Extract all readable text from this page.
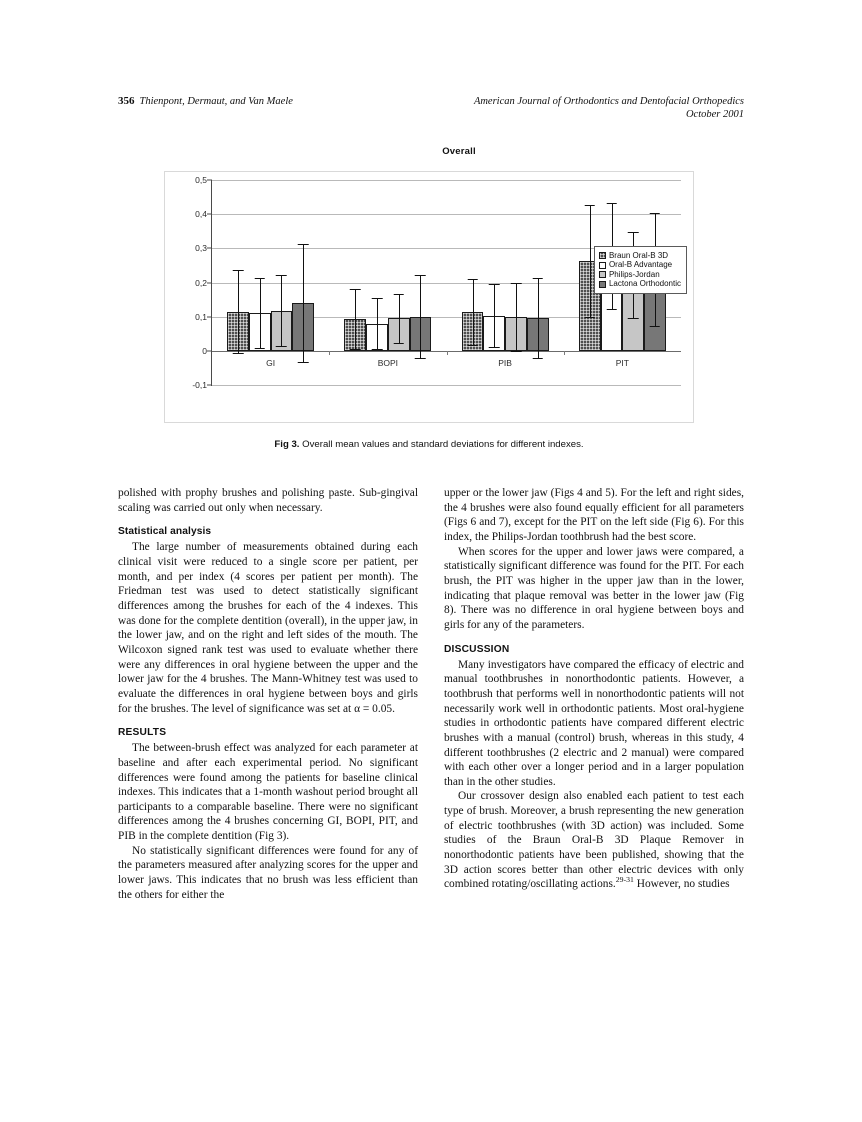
356 Thienpont, Dermaut, and Van Maele	American Journal of Orthodontics and Dentofacial Orthopedics
October 2001
Overall
0,5
0,4
0,3
0,2
0,1
0
-0,1
GI	BOPI	PIB	PIT
Braun Oral-B 3D
Oral-B Advantage
Philips-Jordan
Lactona Orthodontic
Fig 3. Overall mean values and standard deviations for different indexes.

polished with prophy brushes and polishing paste. Sub-gingival scaling was carried out only when necessary.

Statistical analysis

The large number of measurements obtained during each clinical visit were reduced to a single score per patient, per month, and per index (4 scores per patient per month). The Friedman test was used to detect statistically significant differences among the brushes for each of the 4 indexes. This was done for the complete dentition (overall), in the upper jaw, in the lower jaw, and on the right and left sides of the mouth. The Wilcoxon signed rank test was used to evaluate whether there were any differences in oral hygiene between the upper and the lower jaw for the 4 brushes. The Mann-Whitney test was used to evaluate the differences in oral hygiene between boys and girls for the brushes. The level of significance was set at α = 0.05.

RESULTS

The between-brush effect was analyzed for each parameter at baseline and after each experimental period. No significant differences were found among the patients for baseline clinical indexes. This indicates that a 1-month washout period brought all participants to a comparable baseline. There were no significant differences among the 4 brushes concerning GI, BOPI, PIT, and PIB in the complete dentition (Fig 3).

No statistically significant differences were found for any of the parameters measured after analyzing scores for the upper and lower jaws. This indicates that no brush was less efficient than the others for either the

upper or the lower jaw (Figs 4 and 5). For the left and right sides, the 4 brushes were also found equally efficient for all parameters (Figs 6 and 7), except for the PIT on the left side (Fig 6). For this index, the Philips-Jordan toothbrush had the best score.

When scores for the upper and lower jaws were compared, a statistically significant difference was found for the PIT. For each brush, the PIT was higher in the upper jaw than in the lower, indicating that plaque removal was better in the lower jaw (Fig 8). There was no difference in oral hygiene between boys and girls for any of the parameters.

DISCUSSION

Many investigators have compared the efficacy of electric and manual toothbrushes in nonorthodontic patients. However, a toothbrush that performs well in nonorthodontic patients will not necessarily work well in orthodontic patients. Most oral-hygiene studies in orthodontic patients have compared different electric brushes with a manual (control) brush, whereas in this study, 4 different toothbrushes (2 electric and 2 manual) were compared with each other over a longer period and in a larger population than in the other studies.

Our crossover design also enabled each patient to test each type of brush. Moreover, a brush representing the new generation of electric toothbrushes (with 3D action) was included. Some studies of the Braun Oral-B 3D Plaque Remover in nonorthodontic patients have been published, showing that the 3D action scores better than other electric devices with only combined rotating/oscillating actions.$^{29-31}$ However, no studies
